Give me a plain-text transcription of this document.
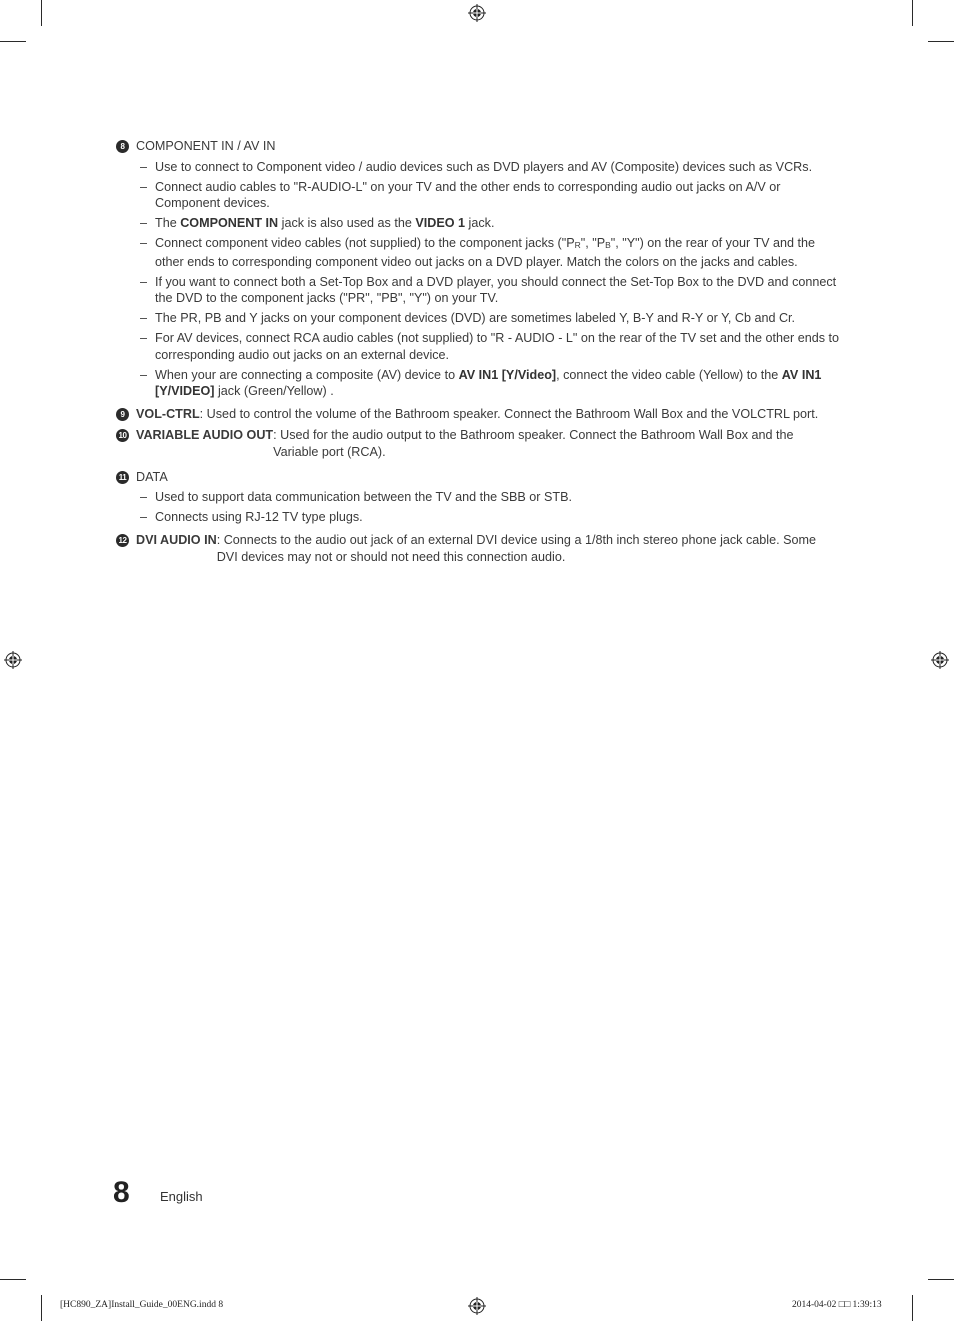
8 COMPONENT IN / AV IN
– Use to connect to Component video / audio devices such as DVD players and AV (Composite) devices such as VCRs.
– Connect audio cables to "R-AUDIO-L" on your TV and the other ends to corresponding audio out jacks on A/V or Component devices.
– The COMPONENT IN jack is also used as the VIDEO 1 jack.
– Connect component video cables (not supplied) to the component jacks ("PR", "PB", "Y") on the rear of your TV and the other ends to corresponding component video out jacks on a DVD player. Match the colors on the jacks and cables.
– If you want to connect both a Set-Top Box and a DVD player, you should connect the Set-Top Box to the DVD and connect the DVD to the component jacks ("PR", "PB", "Y") on your TV.
– The PR, PB and Y jacks on your component devices (DVD) are sometimes labeled Y, B-Y and R-Y or Y, Cb and Cr.
– For AV devices, connect RCA audio cables (not supplied) to "R - AUDIO - L" on the rear of the TV set and the other ends to corresponding audio out jacks on an external device.
– When your are connecting a composite (AV) device to AV IN1 [Y/Video], connect the video cable (Yellow) to the AV IN1 [Y/VIDEO] jack (Green/Yellow) .
9 VOL-CTRL : Used to control the volume of the Bathroom speaker. Connect the Bathroom Wall Box and the VOLCTRL port.
10 VARIABLE AUDIO OUT : Used for the audio output to the Bathroom speaker. Connect the Bathroom Wall Box and the Variable port (RCA).
11 DATA
– Used to support data communication between the TV and the SBB or STB.
– Connects using RJ-12 TV type plugs.
12 DVI AUDIO IN : Connects to the audio out jack of an external DVI device using a 1/8th inch stereo phone jack cable. Some DVI devices may not or should not need this connection audio.
8 English
[HC890_ZA]Install_Guide_00ENG.indd 8	2014-04-02 □□ 1:39:13
